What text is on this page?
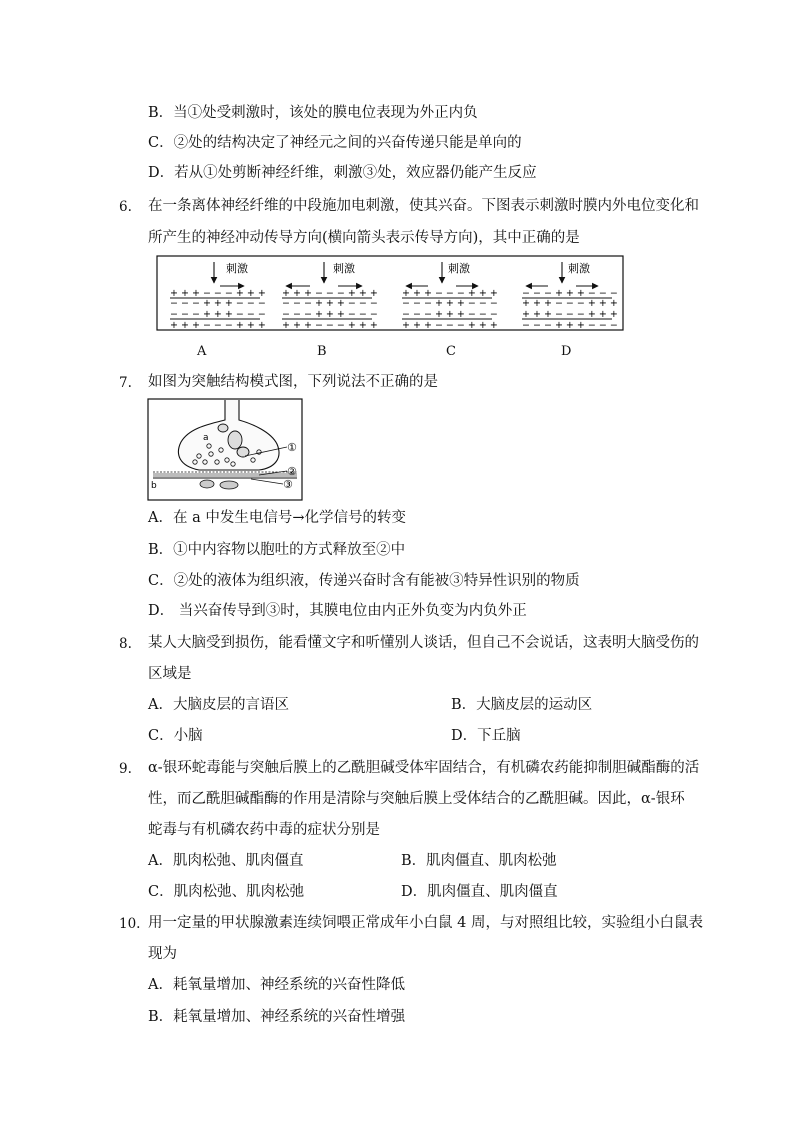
B．当①处受刺激时，该处的膜电位表现为外正内负
C．②处的结构决定了神经元之间的兴奋传递只能是单向的
D．若从①处剪断神经纤维，刺激③处，效应器仍能产生反应
6. 在一条离体神经纤维的中段施加电刺激，使其兴奋。下图表示刺激时膜内外电位变化和
所产生的神经冲动传导方向(横向箭头表示传导方向)，其中正确的是
刺激
+ + + − − − + + +
− − − + + + − − −
− − − + + + − − −
+ + + − − − + + +
刺激
+ + + − − − + + +
− − − + + + − − −
− − − + + + − − −
+ + + − − − + + +
刺激
+ + + − − − + + +
− − − + + + − − −
− − − + + + − − −
+ + + − − − + + +
刺激
− − − + + + − − −
+ + + − − − + + +
+ + + − − − + + +
− − − + + + − − −
A	B	C	D
7. 如图为突触结构模式图，下列说法不正确的是
a
b
①
②
③
A．在 a 中发生电信号→化学信号的转变
B．①中内容物以胞吐的方式释放至②中
C．②处的液体为组织液，传递兴奋时含有能被③特异性识别的物质
D． 当兴奋传导到③时，其膜电位由内正外负变为内负外正
8. 某人大脑受到损伤，能看懂文字和听懂别人谈话，但自己不会说话，这表明大脑受伤的
区域是
A．大脑皮层的言语区	B．大脑皮层的运动区
C．小脑	D．下丘脑
9. α-银环蛇毒能与突触后膜上的乙酰胆碱受体牢固结合，有机磷农药能抑制胆碱酯酶的活
性，而乙酰胆碱酯酶的作用是清除与突触后膜上受体结合的乙酰胆碱。因此，α-银环
蛇毒与有机磷农药中毒的症状分别是
A．肌肉松弛、肌肉僵直	B．肌肉僵直、肌肉松弛
C．肌肉松弛、肌肉松弛	D．肌肉僵直、肌肉僵直
10. 用一定量的甲状腺激素连续饲喂正常成年小白鼠 4 周，与对照组比较，实验组小白鼠表
现为
A．耗氧量增加、神经系统的兴奋性降低
B．耗氧量增加、神经系统的兴奋性增强
